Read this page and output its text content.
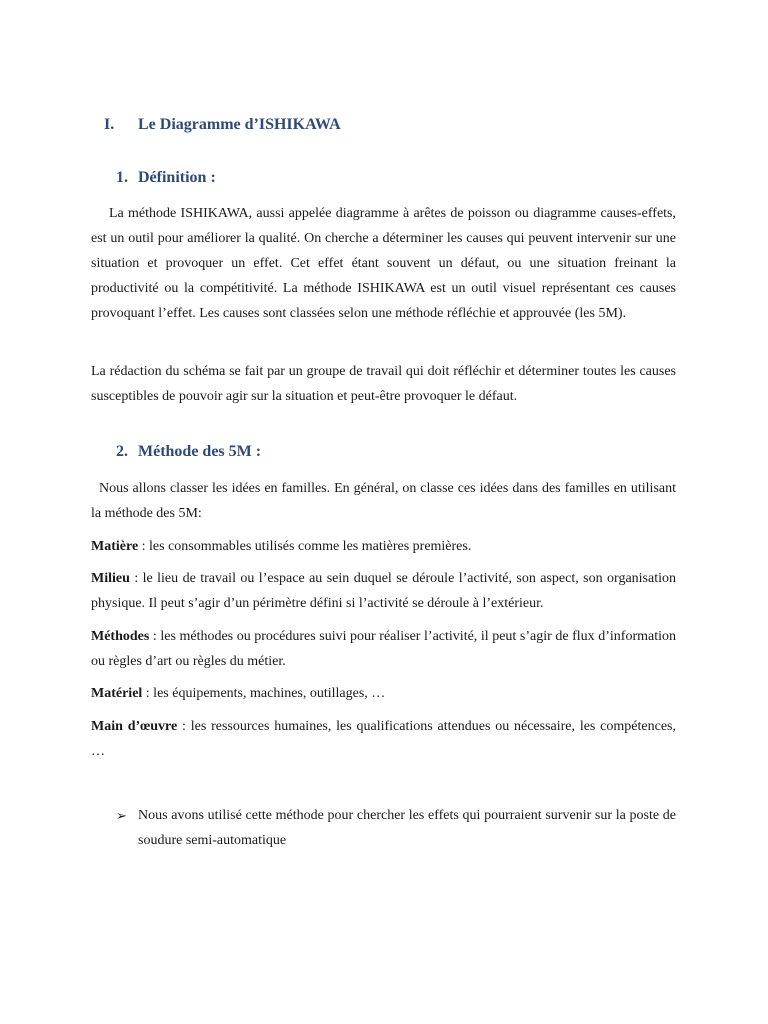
I. Le Diagramme d’ISHIKAWA
1. Définition :
La méthode ISHIKAWA, aussi appelée diagramme à arêtes de poisson ou diagramme causes-effets, est un outil pour améliorer la qualité. On cherche a déterminer les causes qui peuvent intervenir sur une situation et provoquer un effet. Cet effet étant souvent un défaut, ou une situation freinant la productivité ou la compétitivité. La méthode ISHIKAWA est un outil visuel représentant ces causes provoquant l’effet. Les causes sont classées selon une méthode réfléchie et approuvée (les 5M).
La rédaction du schéma se fait par un groupe de travail qui doit réfléchir et déterminer toutes les causes susceptibles de pouvoir agir sur la situation et peut-être provoquer le défaut.
2. Méthode des 5M :
Nous allons classer les idées en familles. En général, on classe ces idées dans des familles en utilisant la méthode des 5M:
Matière : les consommables utilisés comme les matières premières.
Milieu : le lieu de travail ou l’espace au sein duquel se déroule l’activité, son aspect, son organisation physique. Il peut s’agir d’un périmètre défini si l’activité se déroule à l’extérieur.
Méthodes : les méthodes ou procédures suivi pour réaliser l’activité, il peut s’agir de flux d’information ou règles d’art ou règles du métier.
Matériel : les équipements, machines, outillages, …
Main d’œuvre : les ressources humaines, les qualifications attendues ou nécessaire, les compétences, …
➢ Nous avons utilisé cette méthode pour chercher les effets qui pourraient survenir sur la poste de soudure semi-automatique
